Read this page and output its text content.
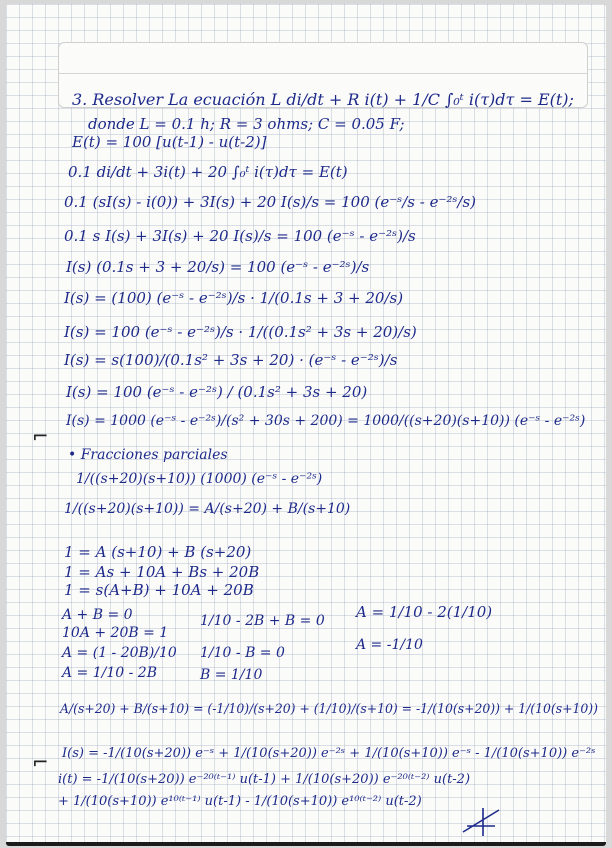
3. Resolver La ecuación L di/dt + R i(t) + 1/C ∫₀ᵗ i(τ)dτ = E(t);
donde L = 0.1 h; R = 3 ohms; C = 0.05 F;
E(t) = 100 [u(t-1) - u(t-2)]
0.1 di/dt + 3i(t) + 20 ∫₀ᵗ i(τ)dτ = E(t)
0.1 (sI(s) - i(0)) + 3I(s) + 20 I(s)/s = 100 (e⁻ˢ/s - e⁻²ˢ/s)
0.1 s I(s) + 3I(s) + 20 I(s)/s = 100 (e⁻ˢ - e⁻²ˢ)/s
I(s) (0.1s + 3 + 20/s) = 100 (e⁻ˢ - e⁻²ˢ)/s
I(s) = (100) (e⁻ˢ - e⁻²ˢ)/s · 1/(0.1s + 3 + 20/s)
I(s) = 100 (e⁻ˢ - e⁻²ˢ)/s · 1/((0.1s² + 3s + 20)/s)
I(s) = s(100)/(0.1s² + 3s + 20) · (e⁻ˢ - e⁻²ˢ)/s
I(s) = 100 (e⁻ˢ - e⁻²ˢ) / (0.1s² + 3s + 20)
I(s) = 1000 (e⁻ˢ - e⁻²ˢ)/(s² + 30s + 200) = 1000/((s+20)(s+10)) (e⁻ˢ - e⁻²ˢ)
• Fracciones parciales
1/((s+20)(s+10)) (1000) (e⁻ˢ - e⁻²ˢ)
1/((s+20)(s+10)) = A/(s+20) + B/(s+10)
1 = A (s+10) + B (s+20)
1 = As + 10A + Bs + 20B
1 = s(A+B) + 10A + 20B
A + B = 0
10A + 20B = 1
A = (1 - 20B)/10
A = 1/10 - 2B
1/10 - 2B + B = 0
1/10 - B = 0
B = 1/10
A = 1/10 - 2(1/10)
A = -1/10
A/(s+20) + B/(s+10) = (-1/10)/(s+20) + (1/10)/(s+10) = -1/(10(s+20)) + 1/(10(s+10))
I(s) = -1/(10(s+20)) e⁻ˢ + 1/(10(s+20)) e⁻²ˢ + 1/(10(s+10)) e⁻ˢ - 1/(10(s+10)) e⁻²ˢ
i(t) = -1/(10(s+20)) e⁻²⁰⁽ᵗ⁻¹⁾ u(t-1) + 1/(10(s+20)) e⁻²⁰⁽ᵗ⁻²⁾ u(t-2)
+ 1/(10(s+10)) e¹⁰⁽ᵗ⁻¹⁾ u(t-1) - 1/(10(s+10)) e¹⁰⁽ᵗ⁻²⁾ u(t-2)
⌐
⌐
